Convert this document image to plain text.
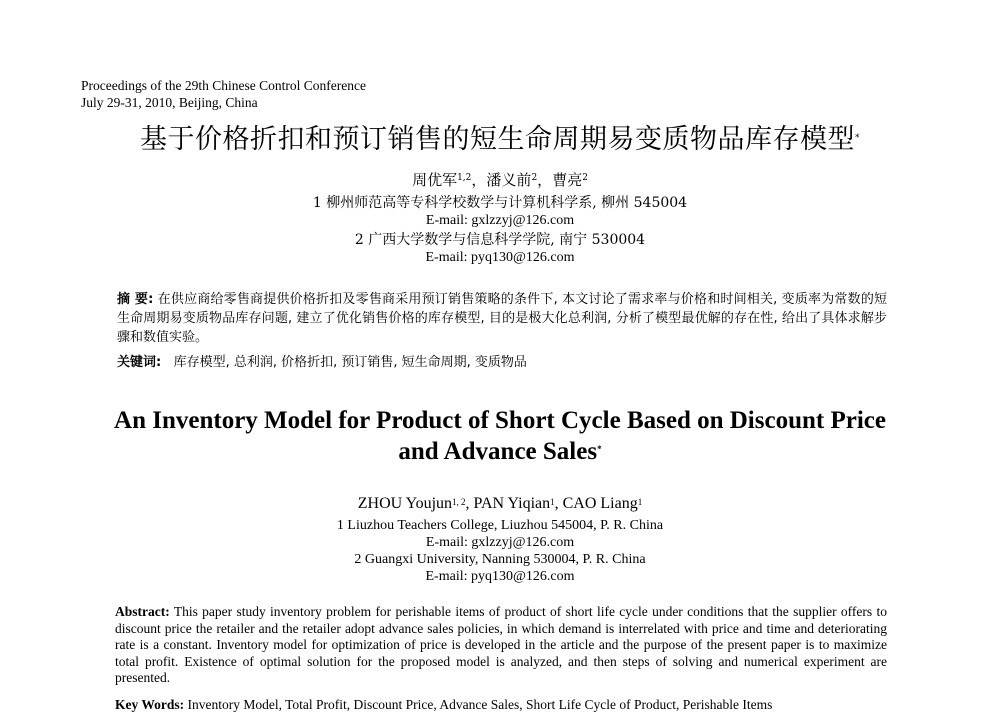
Proceedings of the 29th Chinese Control Conference
July 29-31, 2010, Beijing, China
基于价格折扣和预订销售的短生命周期易变质物品库存模型*
周优军$^{1,2}$，潘义前$^2$，曹亮$^2$
1 柳州师范高等专科学校数学与计算机科学系, 柳州 545004
E-mail: gxlzzyj@126.com
2 广西大学数学与信息科学学院, 南宁 530004
E-mail: pyq130@126.com
摘 要: 在供应商给零售商提供价格折扣及零售商采用预订销售策略的条件下, 本文讨论了需求率与价格和时间相关, 变质率为常数的短生命周期易变质物品库存问题, 建立了优化销售价格的库存模型, 目的是极大化总利润, 分析了模型最优解的存在性, 给出了具体求解步骤和数值实验。
关键词: 库存模型, 总利润, 价格折扣, 预订销售, 短生命周期, 变质物品
An Inventory Model for Product of Short Cycle Based on Discount Price
and Advance Sales*
ZHOU Youjun$^{1, 2}$, PAN Yiqian$^1$, CAO Liang$^1$
1 Liuzhou Teachers College, Liuzhou 545004, P. R. China
E-mail: gxlzzyj@126.com
2 Guangxi University, Nanning 530004, P. R. China
E-mail: pyq130@126.com
Abstract: This paper study inventory problem for perishable items of product of short life cycle under conditions that the supplier offers to discount price the retailer and the retailer adopt advance sales policies, in which demand is interrelated with price and time and deteriorating rate is a constant. Inventory model for optimization of price is developed in the article and the purpose of the present paper is to maximize total profit. Existence of optimal solution for the proposed model is analyzed, and then steps of solving and numerical experiment are presented.
Key Words: Inventory Model, Total Profit, Discount Price, Advance Sales, Short Life Cycle of Product, Perishable Items
